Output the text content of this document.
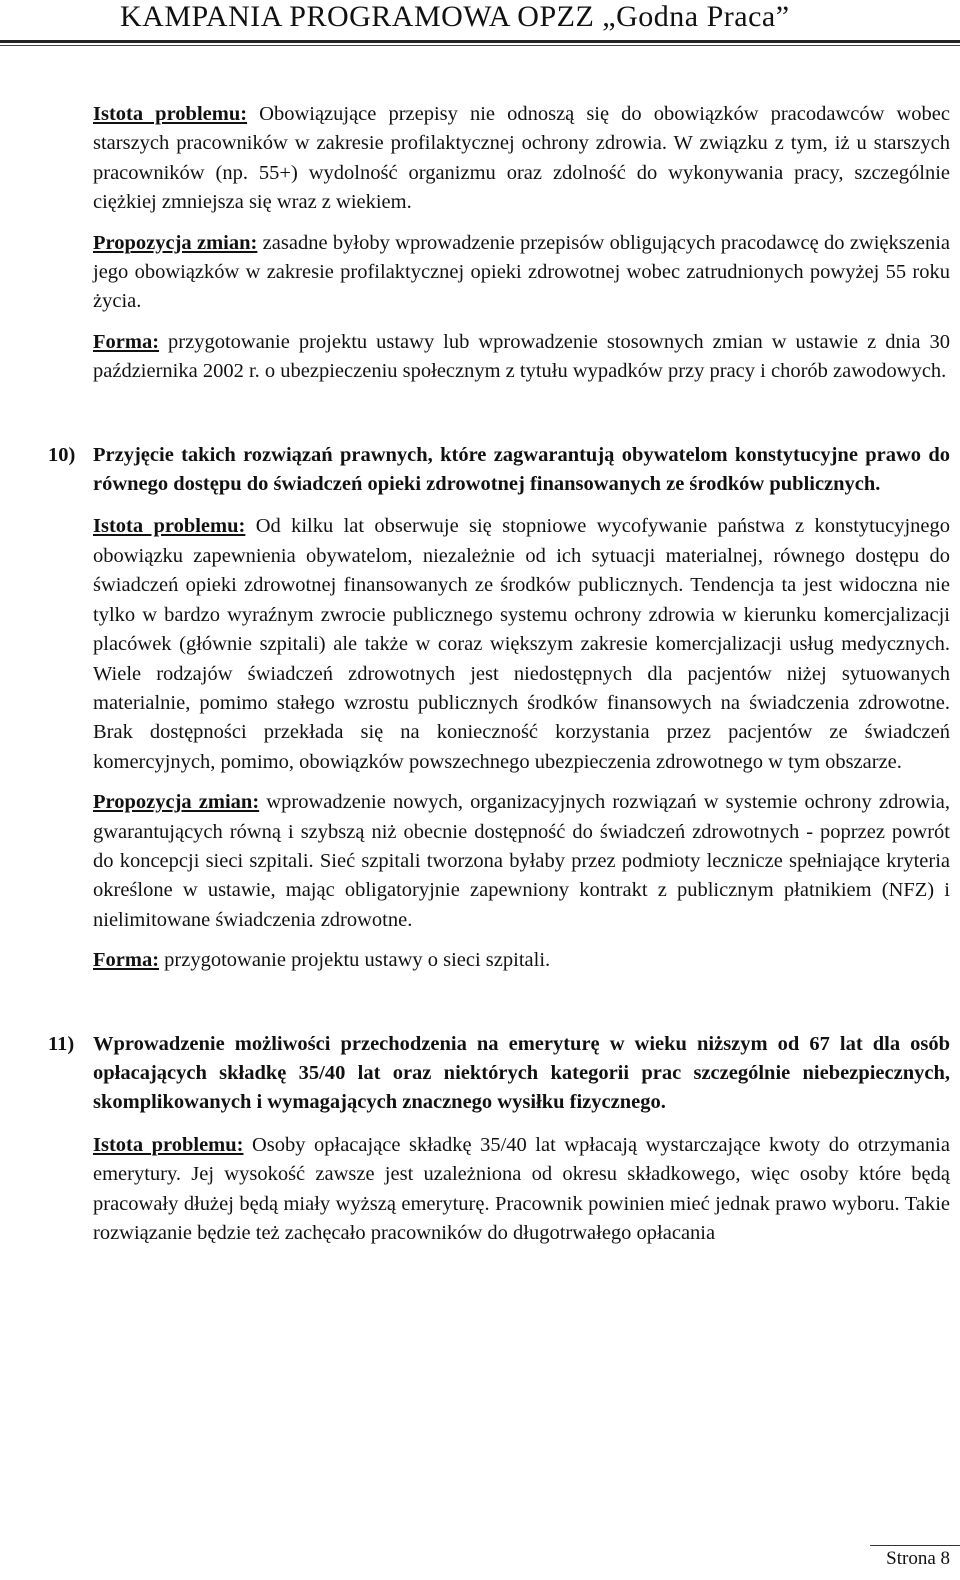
KAMPANIA PROGRAMOWA OPZZ „Godna Praca”

Istota problemu: Obowiązujące przepisy nie odnoszą się do obowiązków pracodawców wobec starszych pracowników w zakresie profilaktycznej ochrony zdrowia. W związku z tym, iż u starszych pracowników (np. 55+) wydolność organizmu oraz zdolność do wykonywania pracy, szczególnie ciężkiej zmniejsza się wraz z wiekiem.

Propozycja zmian: zasadne byłoby wprowadzenie przepisów obligujących pracodawcę do zwiększenia jego obowiązków w zakresie profilaktycznej opieki zdrowotnej wobec zatrudnionych powyżej 55 roku życia.

Forma: przygotowanie projektu ustawy lub wprowadzenie stosownych zmian w ustawie z dnia 30 października 2002 r. o ubezpieczeniu społecznym z tytułu wypadków przy pracy i chorób zawodowych.

10) Przyjęcie takich rozwiązań prawnych, które zagwarantują obywatelom konstytucyjne prawo do równego dostępu do świadczeń opieki zdrowotnej finansowanych ze środków publicznych.

Istota problemu: Od kilku lat obserwuje się stopniowe wycofywanie państwa z konstytucyjnego obowiązku zapewnienia obywatelom, niezależnie od ich sytuacji materialnej, równego dostępu do świadczeń opieki zdrowotnej finansowanych ze środków publicznych. Tendencja ta jest widoczna nie tylko w bardzo wyraźnym zwrocie publicznego systemu ochrony zdrowia w kierunku komercjalizacji placówek (głównie szpitali) ale także w coraz większym zakresie komercjalizacji usług medycznych. Wiele rodzajów świadczeń zdrowotnych jest niedostępnych dla pacjentów niżej sytuowanych materialnie, pomimo stałego wzrostu publicznych środków finansowych na świadczenia zdrowotne. Brak dostępności przekłada się na konieczność korzystania przez pacjentów ze świadczeń komercyjnych, pomimo, obowiązków powszechnego ubezpieczenia zdrowotnego w tym obszarze.

Propozycja zmian: wprowadzenie nowych, organizacyjnych rozwiązań w systemie ochrony zdrowia, gwarantujących równą i szybszą niż obecnie dostępność do świadczeń zdrowotnych - poprzez powrót do koncepcji sieci szpitali. Sieć szpitali tworzona byłaby przez podmioty lecznicze spełniające kryteria określone w ustawie, mając obligatoryjnie zapewniony kontrakt z publicznym płatnikiem (NFZ) i nielimitowane świadczenia zdrowotne.

Forma: przygotowanie projektu ustawy o sieci szpitali.

11) Wprowadzenie możliwości przechodzenia na emeryturę w wieku niższym od 67 lat dla osób opłacających składkę 35/40 lat oraz niektórych kategorii prac szczególnie niebezpiecznych, skomplikowanych i wymagających znacznego wysiłku fizycznego.

Istota problemu: Osoby opłacające składkę 35/40 lat wpłacają wystarczające kwoty do otrzymania emerytury. Jej wysokość zawsze jest uzależniona od okresu składkowego, więc osoby które będą pracowały dłużej będą miały wyższą emeryturę. Pracownik powinien mieć jednak prawo wyboru. Takie rozwiązanie będzie też zachęcało pracowników do długotrwałego opłacania

Strona 8
